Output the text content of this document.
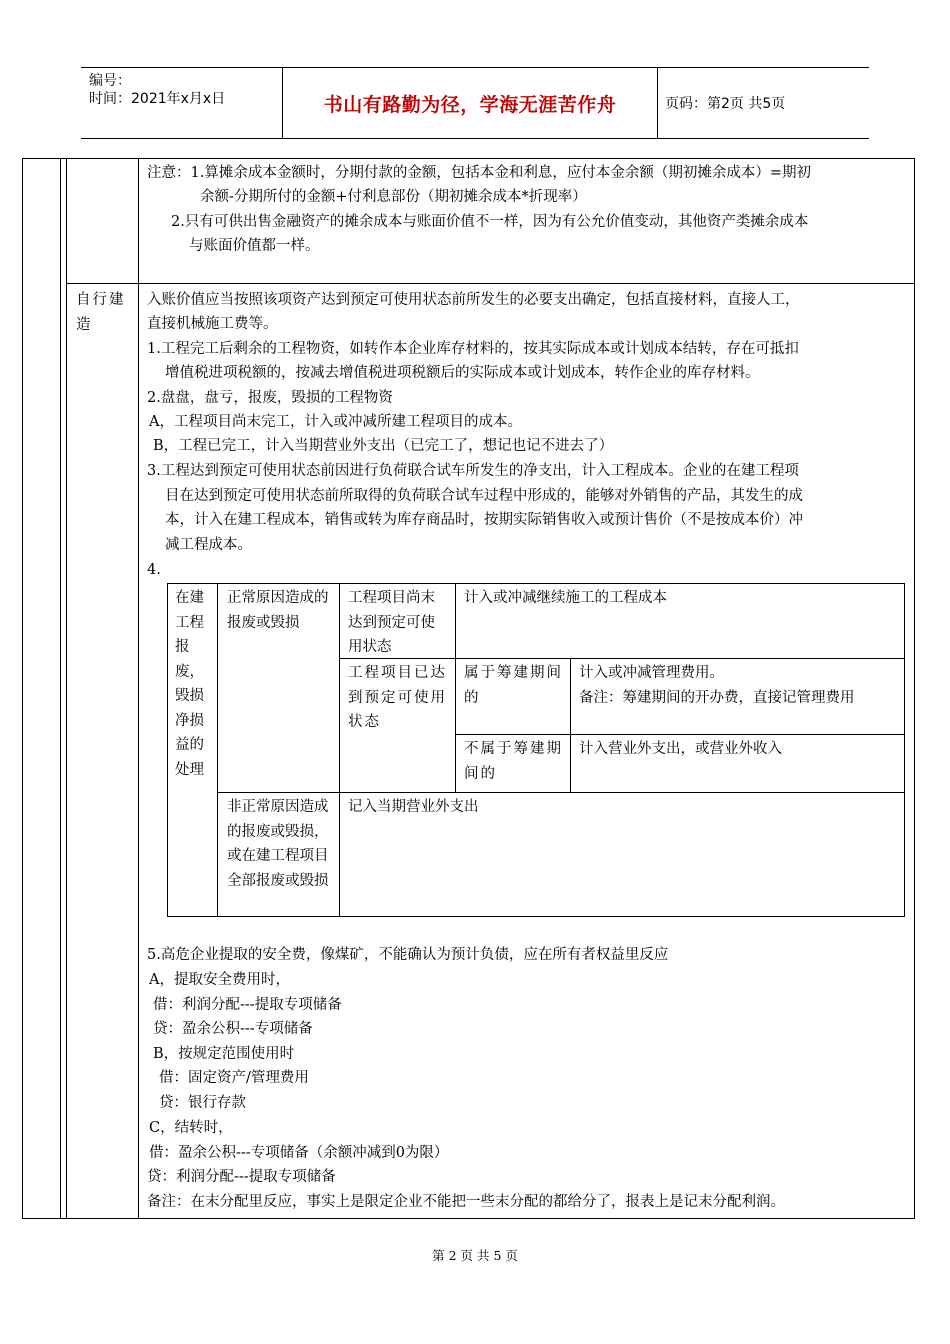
编号：
时间：2021年x月x日	书山有路勤为径，学海无涯苦作舟	页码：第2页 共5页
注意：1.算摊余成本金额时，分期付款的金额，包括本金和利息，应付本金余额（期初摊余成本）=期初
余额-分期所付的金额+付利息部份（期初摊余成本*折现率）
2.只有可供出售金融资产的摊余成本与账面价值不一样，因为有公允价值变动，其他资产类摊余成本
与账面价值都一样。
自行建造
入账价值应当按照该项资产达到预定可使用状态前所发生的必要支出确定，包括直接材料，直接人工，
直接机械施工费等。
1.工程完工后剩余的工程物资，如转作本企业库存材料的，按其实际成本或计划成本结转，存在可抵扣
增值税进项税额的，按减去增值税进项税额后的实际成本或计划成本，转作企业的库存材料。
2.盘盘，盘亏，报废，毁损的工程物资
A，工程项目尚末完工，计入或冲减所建工程项目的成本。
B，工程已完工，计入当期营业外支出（已完工了，想记也记不进去了）
3.工程达到预定可使用状态前因进行负荷联合试车所发生的净支出，计入工程成本。企业的在建工程项
目在达到预定可使用状态前所取得的负荷联合试车过程中形成的，能够对外销售的产品，其发生的成
本，计入在建工程成本，销售或转为库存商品时，按期实际销售收入或预计售价（不是按成本价）冲
减工程成本。
4.
在建工程报废，毁损净损益的处理
正常原因造成的报废或毁损
工程项目尚末达到预定可使用状态
计入或冲减继续施工的工程成本
工程项目已达到预定可使用状态
属于筹建期间的
计入或冲减管理费用。
备注：筹建期间的开办费，直接记管理费用
不属于筹建期间的
计入营业外支出，或营业外收入
非正常原因造成的报废或毁损，或在建工程项目全部报废或毁损
记入当期营业外支出
5.高危企业提取的安全费，像煤矿，不能确认为预计负债，应在所有者权益里反应
A，提取安全费用时，
借：利润分配---提取专项储备
贷：盈余公积---专项储备
B，按规定范围使用时
借：固定资产/管理费用
贷：银行存款
C，结转时，
借：盈余公积---专项储备（余额冲减到0为限）
贷：利润分配---提取专项储备
备注：在末分配里反应，事实上是限定企业不能把一些末分配的都给分了，报表上是记末分配利润。
第 2 页 共 5 页
